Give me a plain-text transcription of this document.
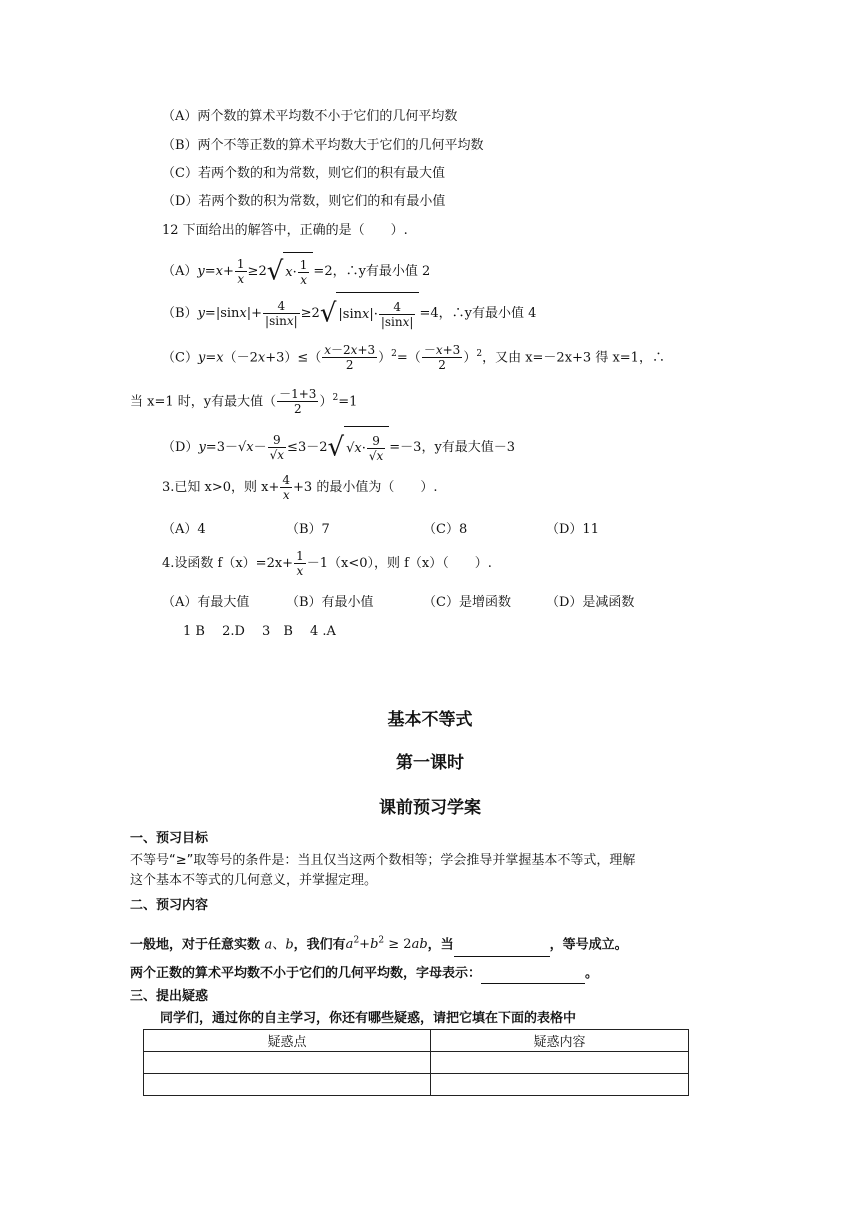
（A）两个数的算术平均数不小于它们的几何平均数
（B）两个不等正数的算术平均数大于它们的几何平均数
（C）若两个数的和为常数，则它们的积有最大值
（D）若两个数的积为常数，则它们的和有最小值
12 下面给出的解答中，正确的是（　　）.
$(A)y=x+ \frac{1}{x} \ge 2√$ $x\cdot \frac{1}{x} =2$，∴y有最小值 2
$(B)y=|\sin x|+ \frac{4}{|\sin x|} \ge 2√$ $|\sin x|\cdot \frac{4}{|\sin x|} =4$，∴y有最小值 4
$(C)y=x(-2x+3)\le( \frac{x-2x+3}{2} )^2=( \frac{-x+3}{2} )^2$，又由 x=－2x+3 得 x=1，∴
当 x=1 时，y有最大值（ $\frac{-1+3}{2} )^2=1$
$(D)y=3-√x- \frac{9}{√x} \le 3-2√$ $√x\cdot \frac{9}{√x} =-3$，y有最大值－3
3.已知 x>0，则 $x+ \frac{4}{x} +3$ 的最小值为（　　）.
（A）4	（B）7	（C）8	（D）11
4.设函数 $f(x)=2x+ \frac{1}{x} -1(x<0)$，则 f（x）（　　）.
（A）有最大值	（B）有最小值	（C）是增函数	（D）是减函数
1 B　 2.D　 3　B　 4 .A
基本不等式
第一课时
课前预习学案
一、预习目标
不等号“≥”取等号的条件是：当且仅当这两个数相等；学会推导并掌握基本不等式，理解
这个基本不等式的几何意义，并掌握定理。
二、预习内容
一般地，对于任意实数 a、b，我们有$a^2+b^2 \ge 2ab$，当	，等号成立。
两个正数的算术平均数不小于它们的几何平均数，字母表示：	。
三、提出疑惑
同学们，通过你的自主学习，你还有哪些疑惑，请把它填在下面的表格中
疑惑点	疑惑内容
